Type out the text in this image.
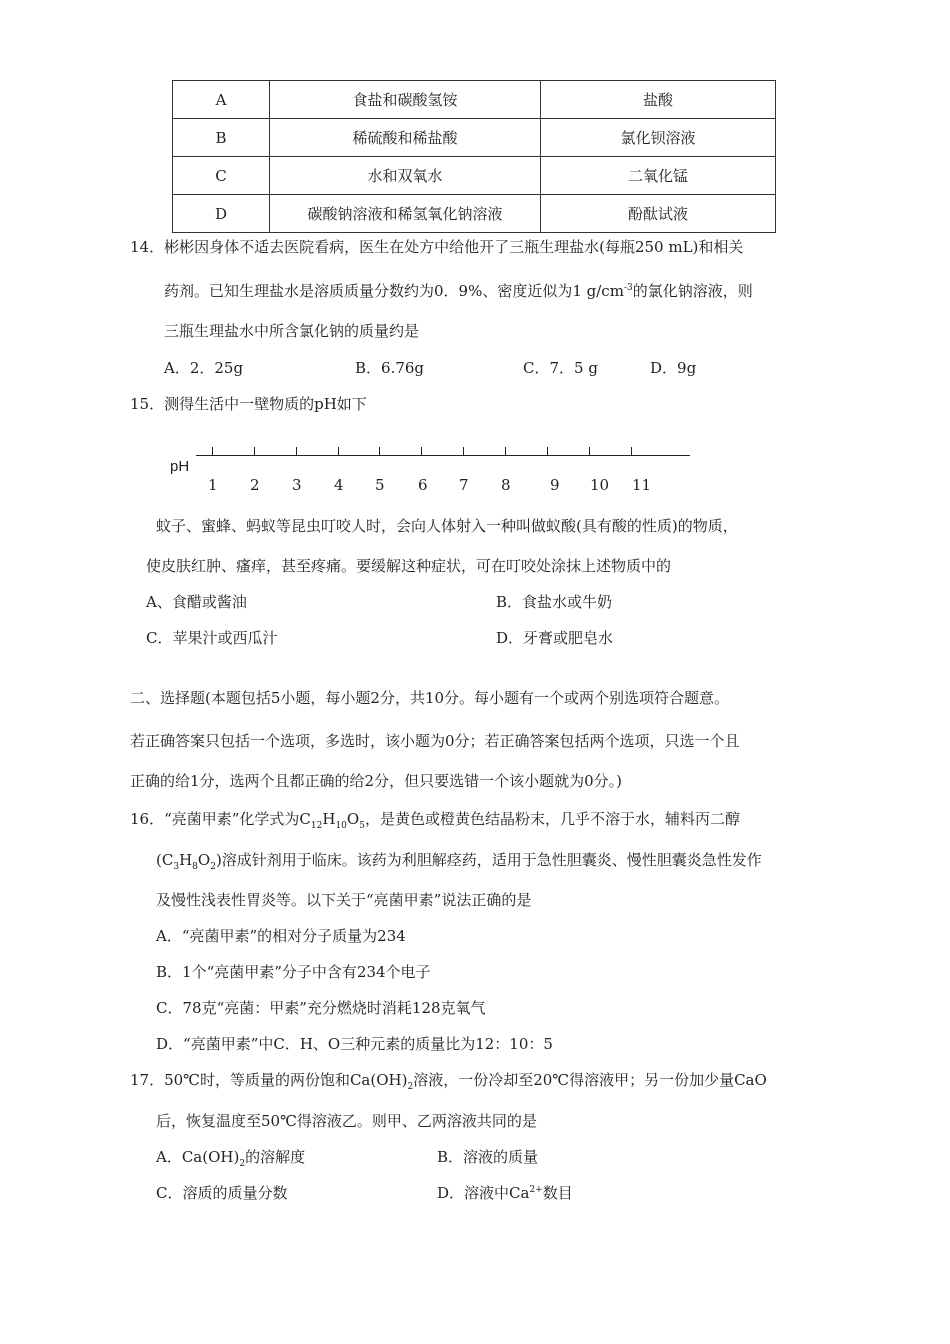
A	食盐和碳酸氢铵	盐酸
B	稀硫酸和稀盐酸	氯化钡溶液
C	水和双氧水	二氧化锰
D	碳酸钠溶液和稀氢氧化钠溶液	酚酞试液
14．彬彬因身体不适去医院看病，医生在处方中给他开了三瓶生理盐水(每瓶250 mL)和相关
药剂。已知生理盐水是溶质质量分数约为0．9%、密度近似为1 $g/cm^{-3}$的氯化钠溶液，则
三瓶生理盐水中所含氯化钠的质量约是
A．2．25g	B．6.76g	C．7．5 g	D．9g
15．测得生活中一壁物质的pH如下
pH
1 2 3 4 5 6 7 8	9 10 11
蚊子、蜜蜂、蚂蚁等昆虫叮咬人时，会向人体射入一种叫做蚁酸(具有酸的性质)的物质，
使皮肤红肿、瘙痒，甚至疼痛。要缓解这种症状，可在叮咬处涂抹上述物质中的
A、食醋或酱油	B．食盐水或牛奶
C．苹果汁或西瓜汁	D．牙膏或肥皂水
二、选择题(本题包括5小题，每小题2分，共10分。每小题有一个或两个别选项符合题意。
若正确答案只包括一个选项，多选时，该小题为0分；若正确答案包括两个选项，只选一个且
正确的给1分，选两个且都正确的给2分，但只要选错一个该小题就为0分。)
16．“亮菌甲素”化学式为$C_{12}H_{10}O_5$，是黄色或橙黄色结晶粉末，几乎不溶于水，辅料丙二醇
$(C_3H_8O_2)$溶成针剂用于临床。该药为利胆解痉药，适用于急性胆囊炎、慢性胆囊炎急性发作
及慢性浅表性胃炎等。以下关于“亮菌甲素”说法正确的是
A．“亮菌甲素”的相对分子质量为234
B．1个“亮菌甲素”分子中含有234个电子
C．78克“亮菌：甲素”充分燃烧时消耗128克氧气
D．“亮菌甲素”中C．H、O三种元素的质量比为12：10：5
17．50℃时，等质量的两份饱和$Ca(OH)_2$溶液，一份冷却至20℃得溶液甲；另一份加少量CaO
后，恢复温度至50℃得溶液乙。则甲、乙两溶液共同的是
A．$Ca(OH)_2$的溶解度	B．溶液的质量
C．溶质的质量分数	D．溶液中$Ca^{2+}$数目
